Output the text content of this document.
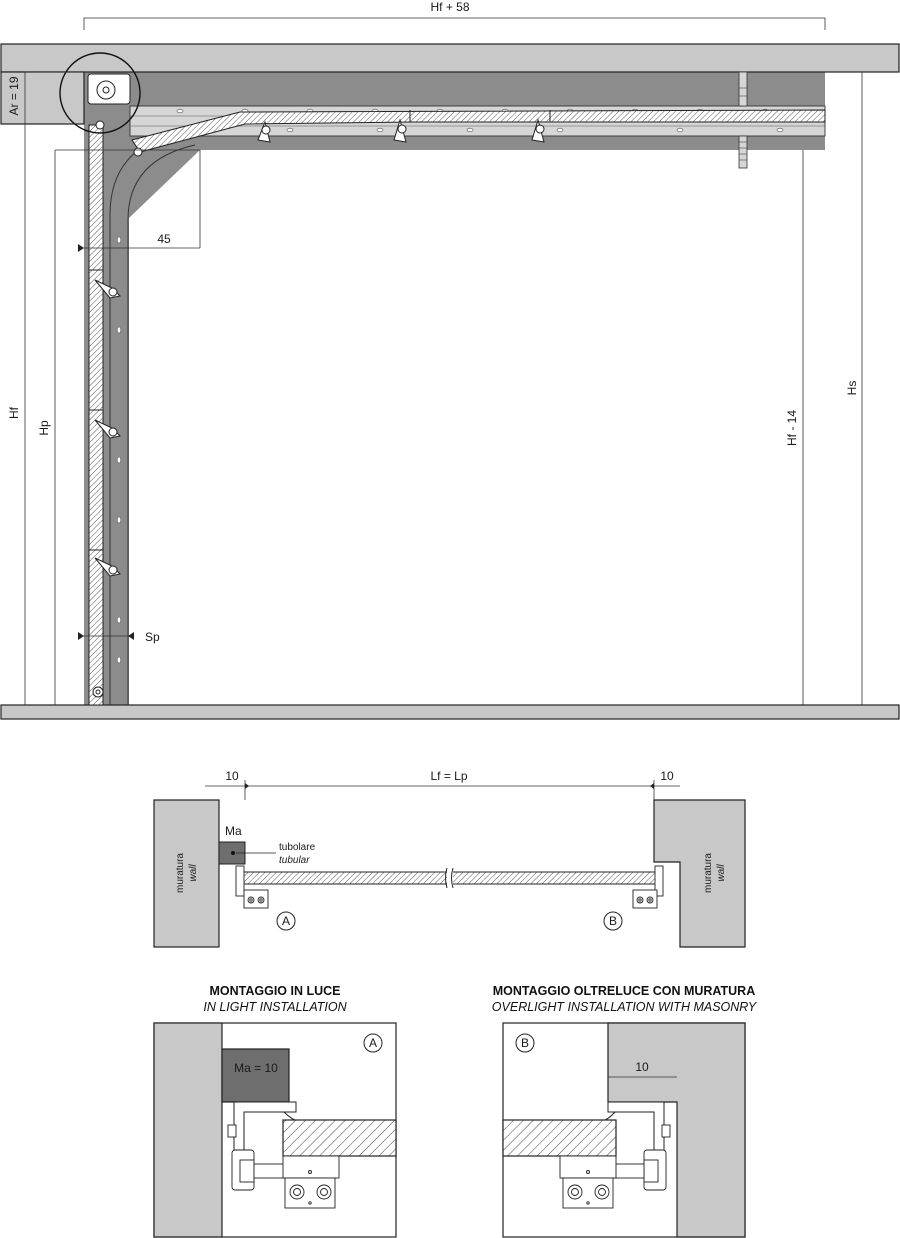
Hf + 58
Ar = 19
45
Hf
Hp	Hf - 14
Hs
Sp
10	Lf = Lp	10
Ma
tubolare
tubular
muratura wall	muratura wall
A	B
MONTAGGIO IN LUCE
IN LIGHT INSTALLATION
Ma = 10
A
MONTAGGIO OLTRELUCE CON MURATURA
OVERLIGHT INSTALLATION WITH MASONRY
10
B
